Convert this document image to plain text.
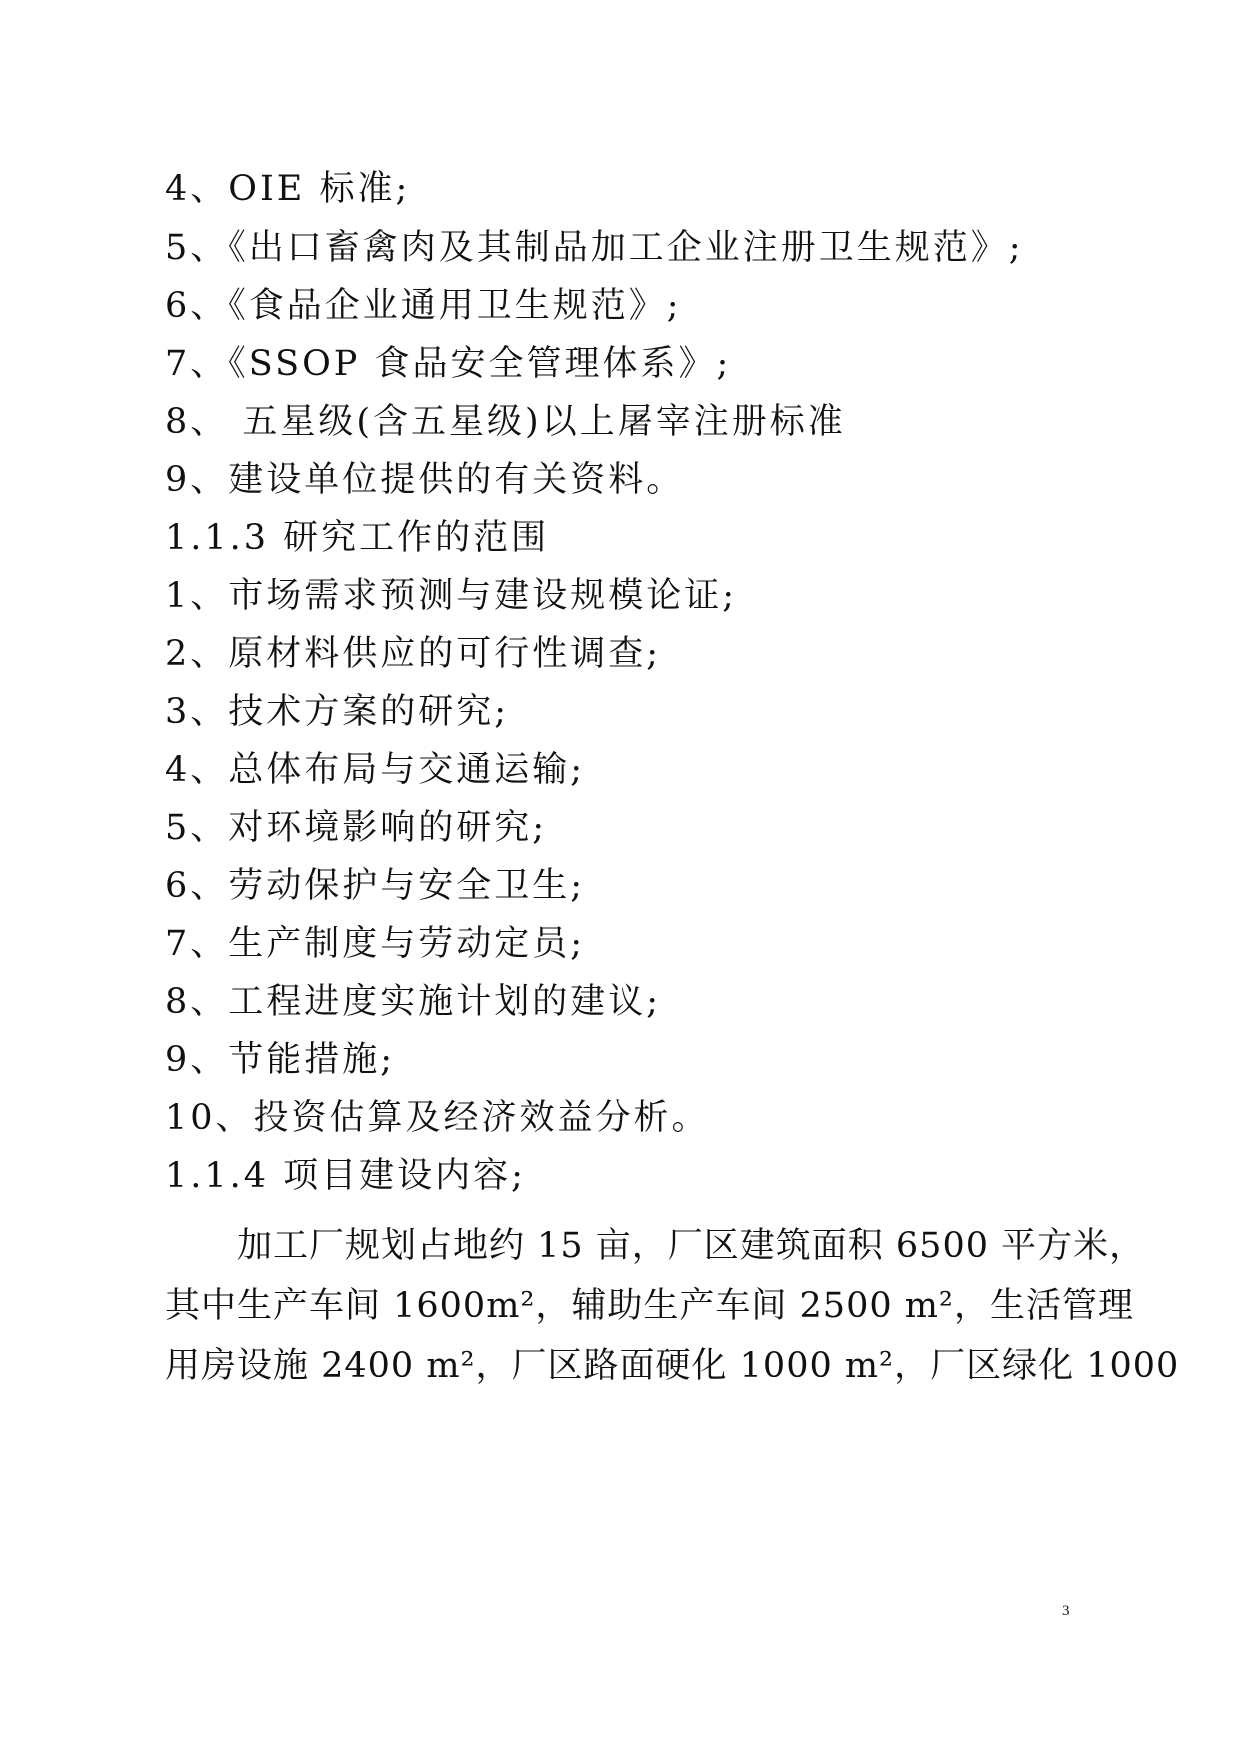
4、OIE 标准;
5、《出口畜禽肉及其制品加工企业注册卫生规范》;
6、《食品企业通用卫生规范》;
7、《SSOP 食品安全管理体系》;
8、 五星级(含五星级)以上屠宰注册标准
9、建设单位提供的有关资料。
1.1.3 研究工作的范围
1、市场需求预测与建设规模论证;
2、原材料供应的可行性调查;
3、技术方案的研究;
4、总体布局与交通运输;
5、对环境影响的研究;
6、劳动保护与安全卫生;
7、生产制度与劳动定员;
8、工程进度实施计划的建议;
9、节能措施;
10、投资估算及经济效益分析。
1.1.4 项目建设内容;
加工厂规划占地约 15 亩，厂区建筑面积 6500 平方米，
其中生产车间 1600m²，辅助生产车间 2500 m²，生活管理
用房设施 2400 m²，厂区路面硬化 1000 m²，厂区绿化 1000
3
